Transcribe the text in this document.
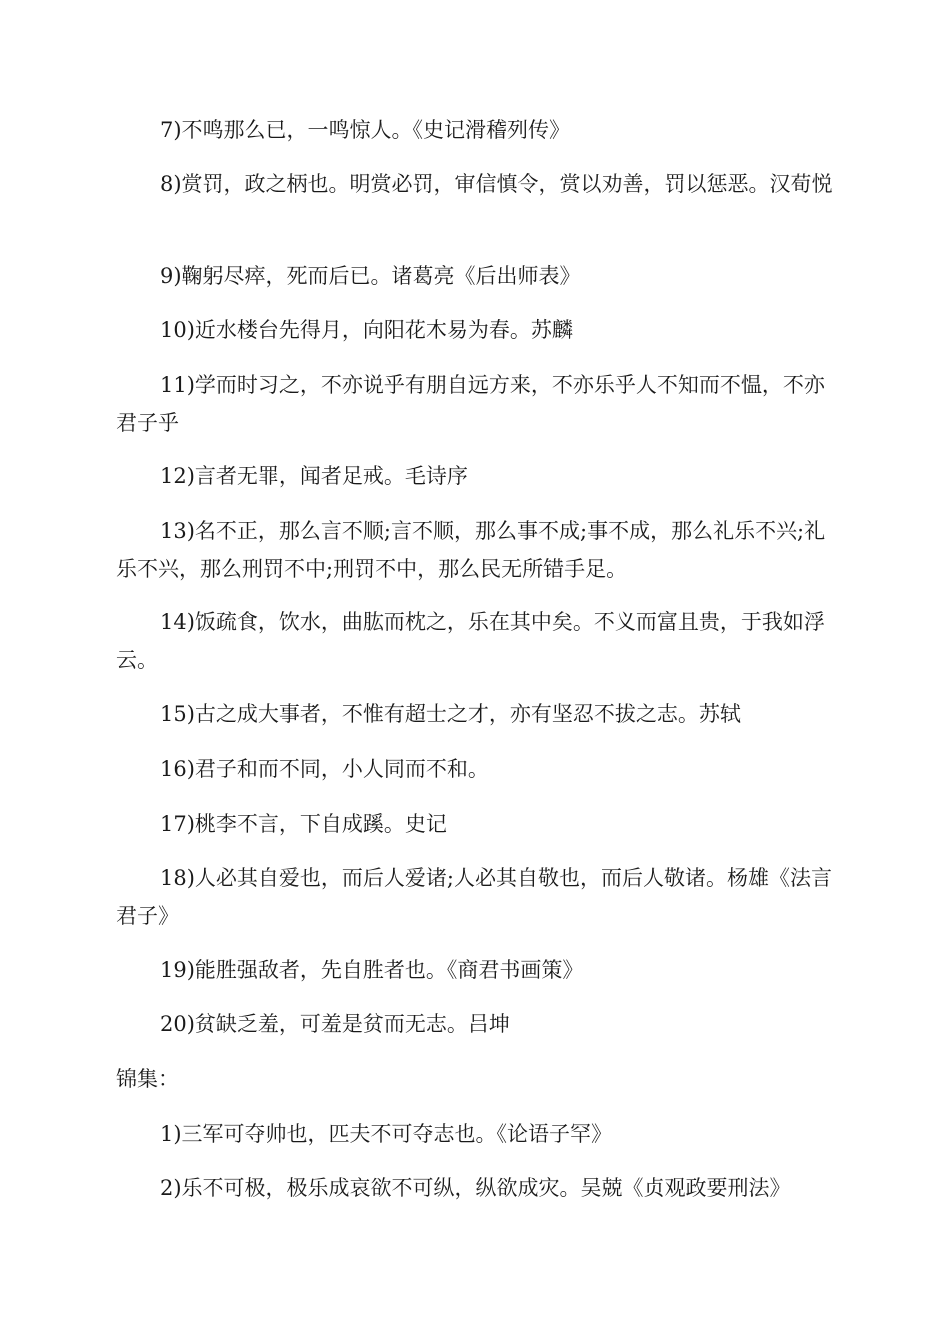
7)不鸣那么已，一鸣惊人。《史记滑稽列传》

8)赏罚，政之柄也。明赏必罚，审信慎令，赏以劝善，罚以惩恶。汉荀悦

9)鞠躬尽瘁，死而后已。诸葛亮《后出师表》

10)近水楼台先得月，向阳花木易为春。苏麟

11)学而时习之，不亦说乎有朋自远方来，不亦乐乎人不知而不愠，不亦君子乎

12)言者无罪，闻者足戒。毛诗序

13)名不正，那么言不顺;言不顺，那么事不成;事不成，那么礼乐不兴;礼乐不兴，那么刑罚不中;刑罚不中，那么民无所错手足。

14)饭疏食，饮水，曲肱而枕之，乐在其中矣。不义而富且贵，于我如浮云。

15)古之成大事者，不惟有超士之才，亦有坚忍不拔之志。苏轼

16)君子和而不同，小人同而不和。

17)桃李不言，下自成蹊。史记

18)人必其自爱也，而后人爱诸;人必其自敬也，而后人敬诸。杨雄《法言君子》

19)能胜强敌者，先自胜者也。《商君书画策》

20)贫缺乏羞，可羞是贫而无志。吕坤

锦集：

1)三军可夺帅也，匹夫不可夺志也。《论语子罕》

2)乐不可极，极乐成哀欲不可纵，纵欲成灾。吴兢《贞观政要刑法》
